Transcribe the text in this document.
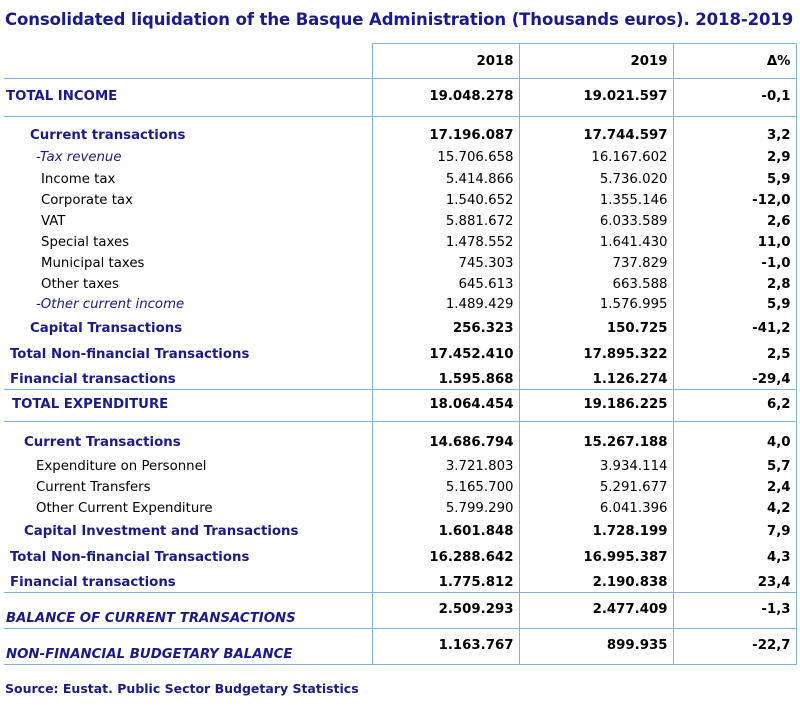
Consolidated liquidation of the Basque Administration (Thousands euros). 2018-2019
	2018	2019	Δ%
TOTAL INCOME	19.048.278	19.021.597	-0,1
Current transactions	17.196.087	17.744.597	3,2
-Tax revenue	15.706.658	16.167.602	2,9
Income tax	5.414.866	5.736.020	5,9
Corporate tax	1.540.652	1.355.146	-12,0
VAT	5.881.672	6.033.589	2,6
Special taxes	1.478.552	1.641.430	11,0
Municipal taxes	745.303	737.829	-1,0
Other taxes	645.613	663.588	2,8
-Other current income	1.489.429	1.576.995	5,9
Capital Transactions	256.323	150.725	-41,2
Total Non-financial Transactions	17.452.410	17.895.322	2,5
Financial transactions	1.595.868	1.126.274	-29,4
TOTAL EXPENDITURE	18.064.454	19.186.225	6,2
Current Transactions	14.686.794	15.267.188	4,0
Expenditure on Personnel	3.721.803	3.934.114	5,7
Current Transfers	5.165.700	5.291.677	2,4
Other Current Expenditure	5.799.290	6.041.396	4,2
Capital Investment and Transactions	1.601.848	1.728.199	7,9
Total Non-financial Transactions	16.288.642	16.995.387	4,3
Financial transactions	1.775.812	2.190.838	23,4
BALANCE OF CURRENT TRANSACTIONS	2.509.293	2.477.409	-1,3
NON-FINANCIAL BUDGETARY BALANCE	1.163.767	899.935	-22,7

Source: Eustat. Public Sector Budgetary Statistics
